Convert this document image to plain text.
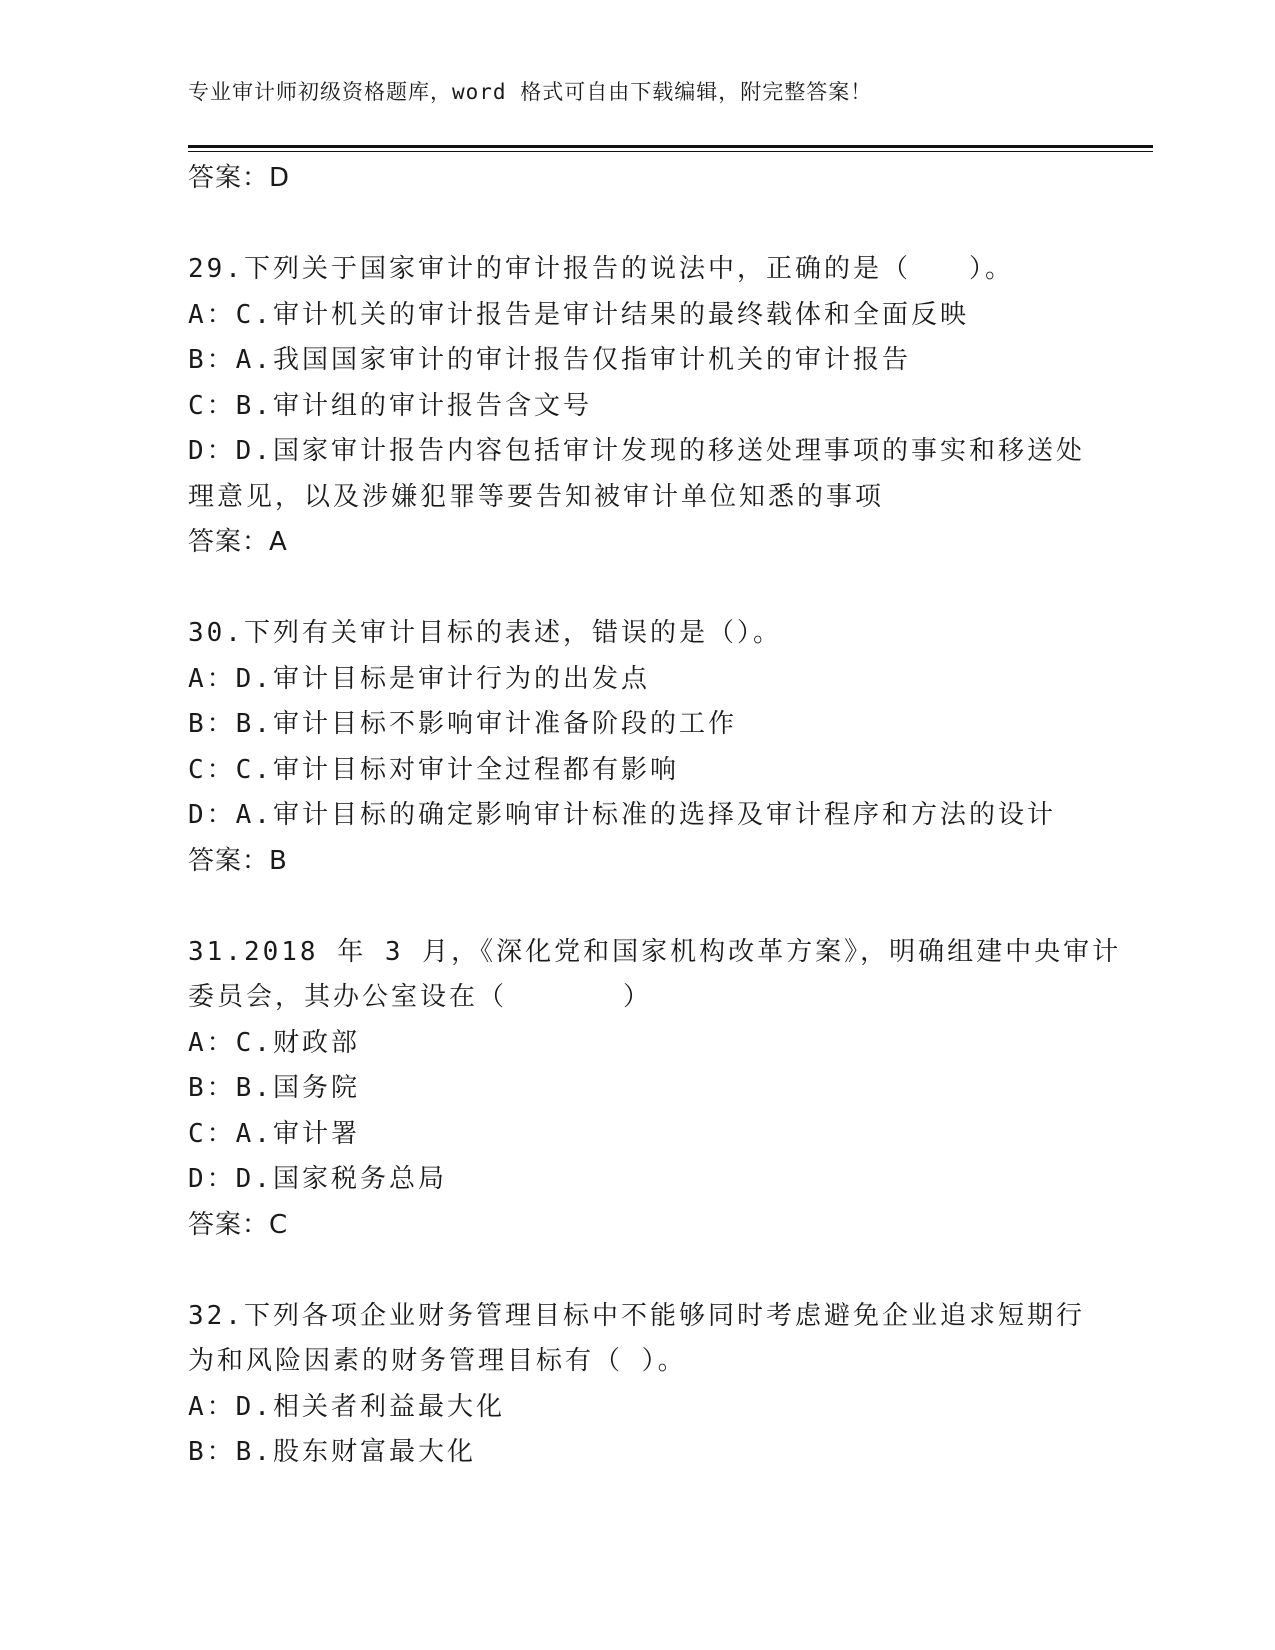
专业审计师初级资格题库，word 格式可自由下载编辑，附完整答案！
答案：D
29.下列关于国家审计的审计报告的说法中，正确的是（　　）。
A：C.审计机关的审计报告是审计结果的最终载体和全面反映
B：A.我国国家审计的审计报告仅指审计机关的审计报告
C：B.审计组的审计报告含文号
D：D.国家审计报告内容包括审计发现的移送处理事项的事实和移送处
理意见，以及涉嫌犯罪等要告知被审计单位知悉的事项
答案：A
30.下列有关审计目标的表述，错误的是（）。
A：D.审计目标是审计行为的出发点
B：B.审计目标不影响审计准备阶段的工作
C：C.审计目标对审计全过程都有影响
D：A.审计目标的确定影响审计标准的选择及审计程序和方法的设计
答案：B
31.2018 年 3 月，《深化党和国家机构改革方案》，明确组建中央审计
委员会，其办公室设在（　　　　）
A：C.财政部
B：B.国务院
C：A.审计署
D：D.国家税务总局
答案：C
32.下列各项企业财务管理目标中不能够同时考虑避免企业追求短期行
为和风险因素的财务管理目标有（ ）。
A：D.相关者利益最大化
B：B.股东财富最大化
